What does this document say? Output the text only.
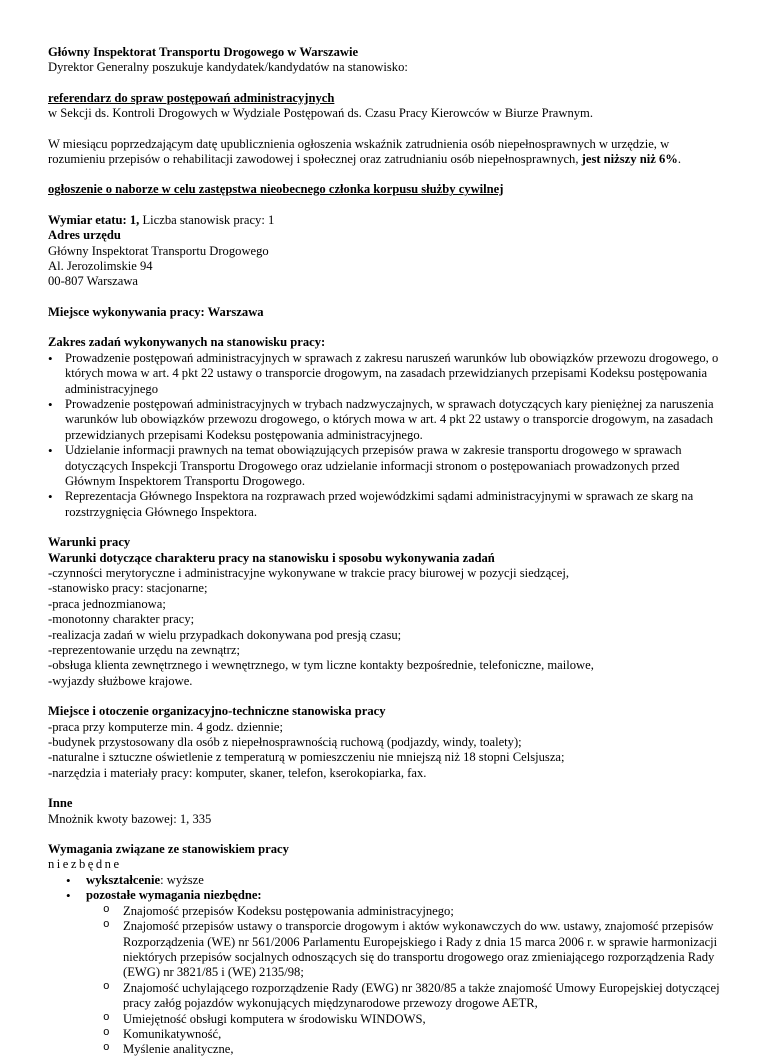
Główny Inspektorat Transportu Drogowego w Warszawie

Dyrektor Generalny poszukuje kandydatek/kandydatów na stanowisko:

referendarz do spraw postępowań administracyjnych

w Sekcji ds. Kontroli Drogowych w Wydziale Postępowań ds. Czasu Pracy Kierowców w Biurze Prawnym.

W miesiącu poprzedzającym datę upublicznienia ogłoszenia wskaźnik zatrudnienia osób niepełnosprawnych w urzędzie, w rozumieniu przepisów o rehabilitacji zawodowej i społecznej oraz zatrudnianiu osób niepełnosprawnych, jest niższy niż 6%.

ogłoszenie o naborze w celu zastępstwa nieobecnego członka korpusu służby cywilnej

Wymiar etatu: 1, Liczba stanowisk pracy: 1

Adres urzędu

Główny Inspektorat Transportu Drogowego

Al. Jerozolimskie 94

00-807 Warszawa

Miejsce wykonywania pracy: Warszawa

Zakres zadań wykonywanych na stanowisku pracy:

• Prowadzenie postępowań administracyjnych w sprawach z zakresu naruszeń warunków lub obowiązków przewozu drogowego, o których mowa w art. 4 pkt 22 ustawy o transporcie drogowym, na zasadach przewidzianych przepisami Kodeksu postępowania administracyjnego
• Prowadzenie postępowań administracyjnych w trybach nadzwyczajnych, w sprawach dotyczących kary pieniężnej za naruszenia warunków lub obowiązków przewozu drogowego, o których mowa w art. 4 pkt 22 ustawy o transporcie drogowym, na zasadach przewidzianych przepisami Kodeksu postępowania administracyjnego.
• Udzielanie informacji prawnych na temat obowiązujących przepisów prawa w zakresie transportu drogowego w sprawach dotyczących Inspekcji Transportu Drogowego oraz udzielanie informacji stronom o postępowaniach prowadzonych przed Głównym Inspektorem Transportu Drogowego.
• Reprezentacja Głównego Inspektora na rozprawach przed wojewódzkimi sądami administracyjnymi w sprawach ze skarg na rozstrzygnięcia Głównego Inspektora.

Warunki pracy

Warunki dotyczące charakteru pracy na stanowisku i sposobu wykonywania zadań

-czynności merytoryczne i administracyjne wykonywane w trakcie pracy biurowej w pozycji siedzącej,

-stanowisko pracy: stacjonarne;

-praca jednozmianowa;

-monotonny charakter pracy;

-realizacja zadań w wielu przypadkach dokonywana pod presją czasu;

-reprezentowanie urzędu na zewnątrz;

-obsługa klienta zewnętrznego i wewnętrznego, w tym liczne kontakty bezpośrednie, telefoniczne, mailowe,

-wyjazdy służbowe krajowe.

Miejsce i otoczenie organizacyjno-techniczne stanowiska pracy

-praca przy komputerze min. 4 godz. dziennie;

-budynek przystosowany dla osób z niepełnosprawnością ruchową (podjazdy, windy, toalety);

-naturalne i sztuczne oświetlenie z temperaturą w pomieszczeniu nie mniejszą niż 18 stopni Celsjusza;

-narzędzia i materiały pracy: komputer, skaner, telefon, kserokopiarka, fax.

Inne

Mnożnik kwoty bazowej: 1, 335

Wymagania związane ze stanowiskiem pracy

niezbędne

• wykształcenie: wyższe
• pozostałe wymagania niezbędne:
o Znajomość przepisów Kodeksu postępowania administracyjnego;
o Znajomość przepisów ustawy o transporcie drogowym i aktów wykonawczych do ww. ustawy, znajomość przepisów Rozporządzenia (WE) nr 561/2006 Parlamentu Europejskiego i Rady z dnia 15 marca 2006 r. w sprawie harmonizacji niektórych przepisów socjalnych odnoszących się do transportu drogowego oraz zmieniającego rozporządzenia Rady (EWG) nr 3821/85 i (WE) 2135/98;
o Znajomość uchylającego rozporządzenie Rady (EWG) nr 3820/85 a także znajomość Umowy Europejskiej dotyczącej pracy załóg pojazdów wykonujących międzynarodowe przewozy drogowe AETR,
o Umiejętność obsługi komputera w środowisku WINDOWS,
o Komunikatywność,
o Myślenie analityczne,
